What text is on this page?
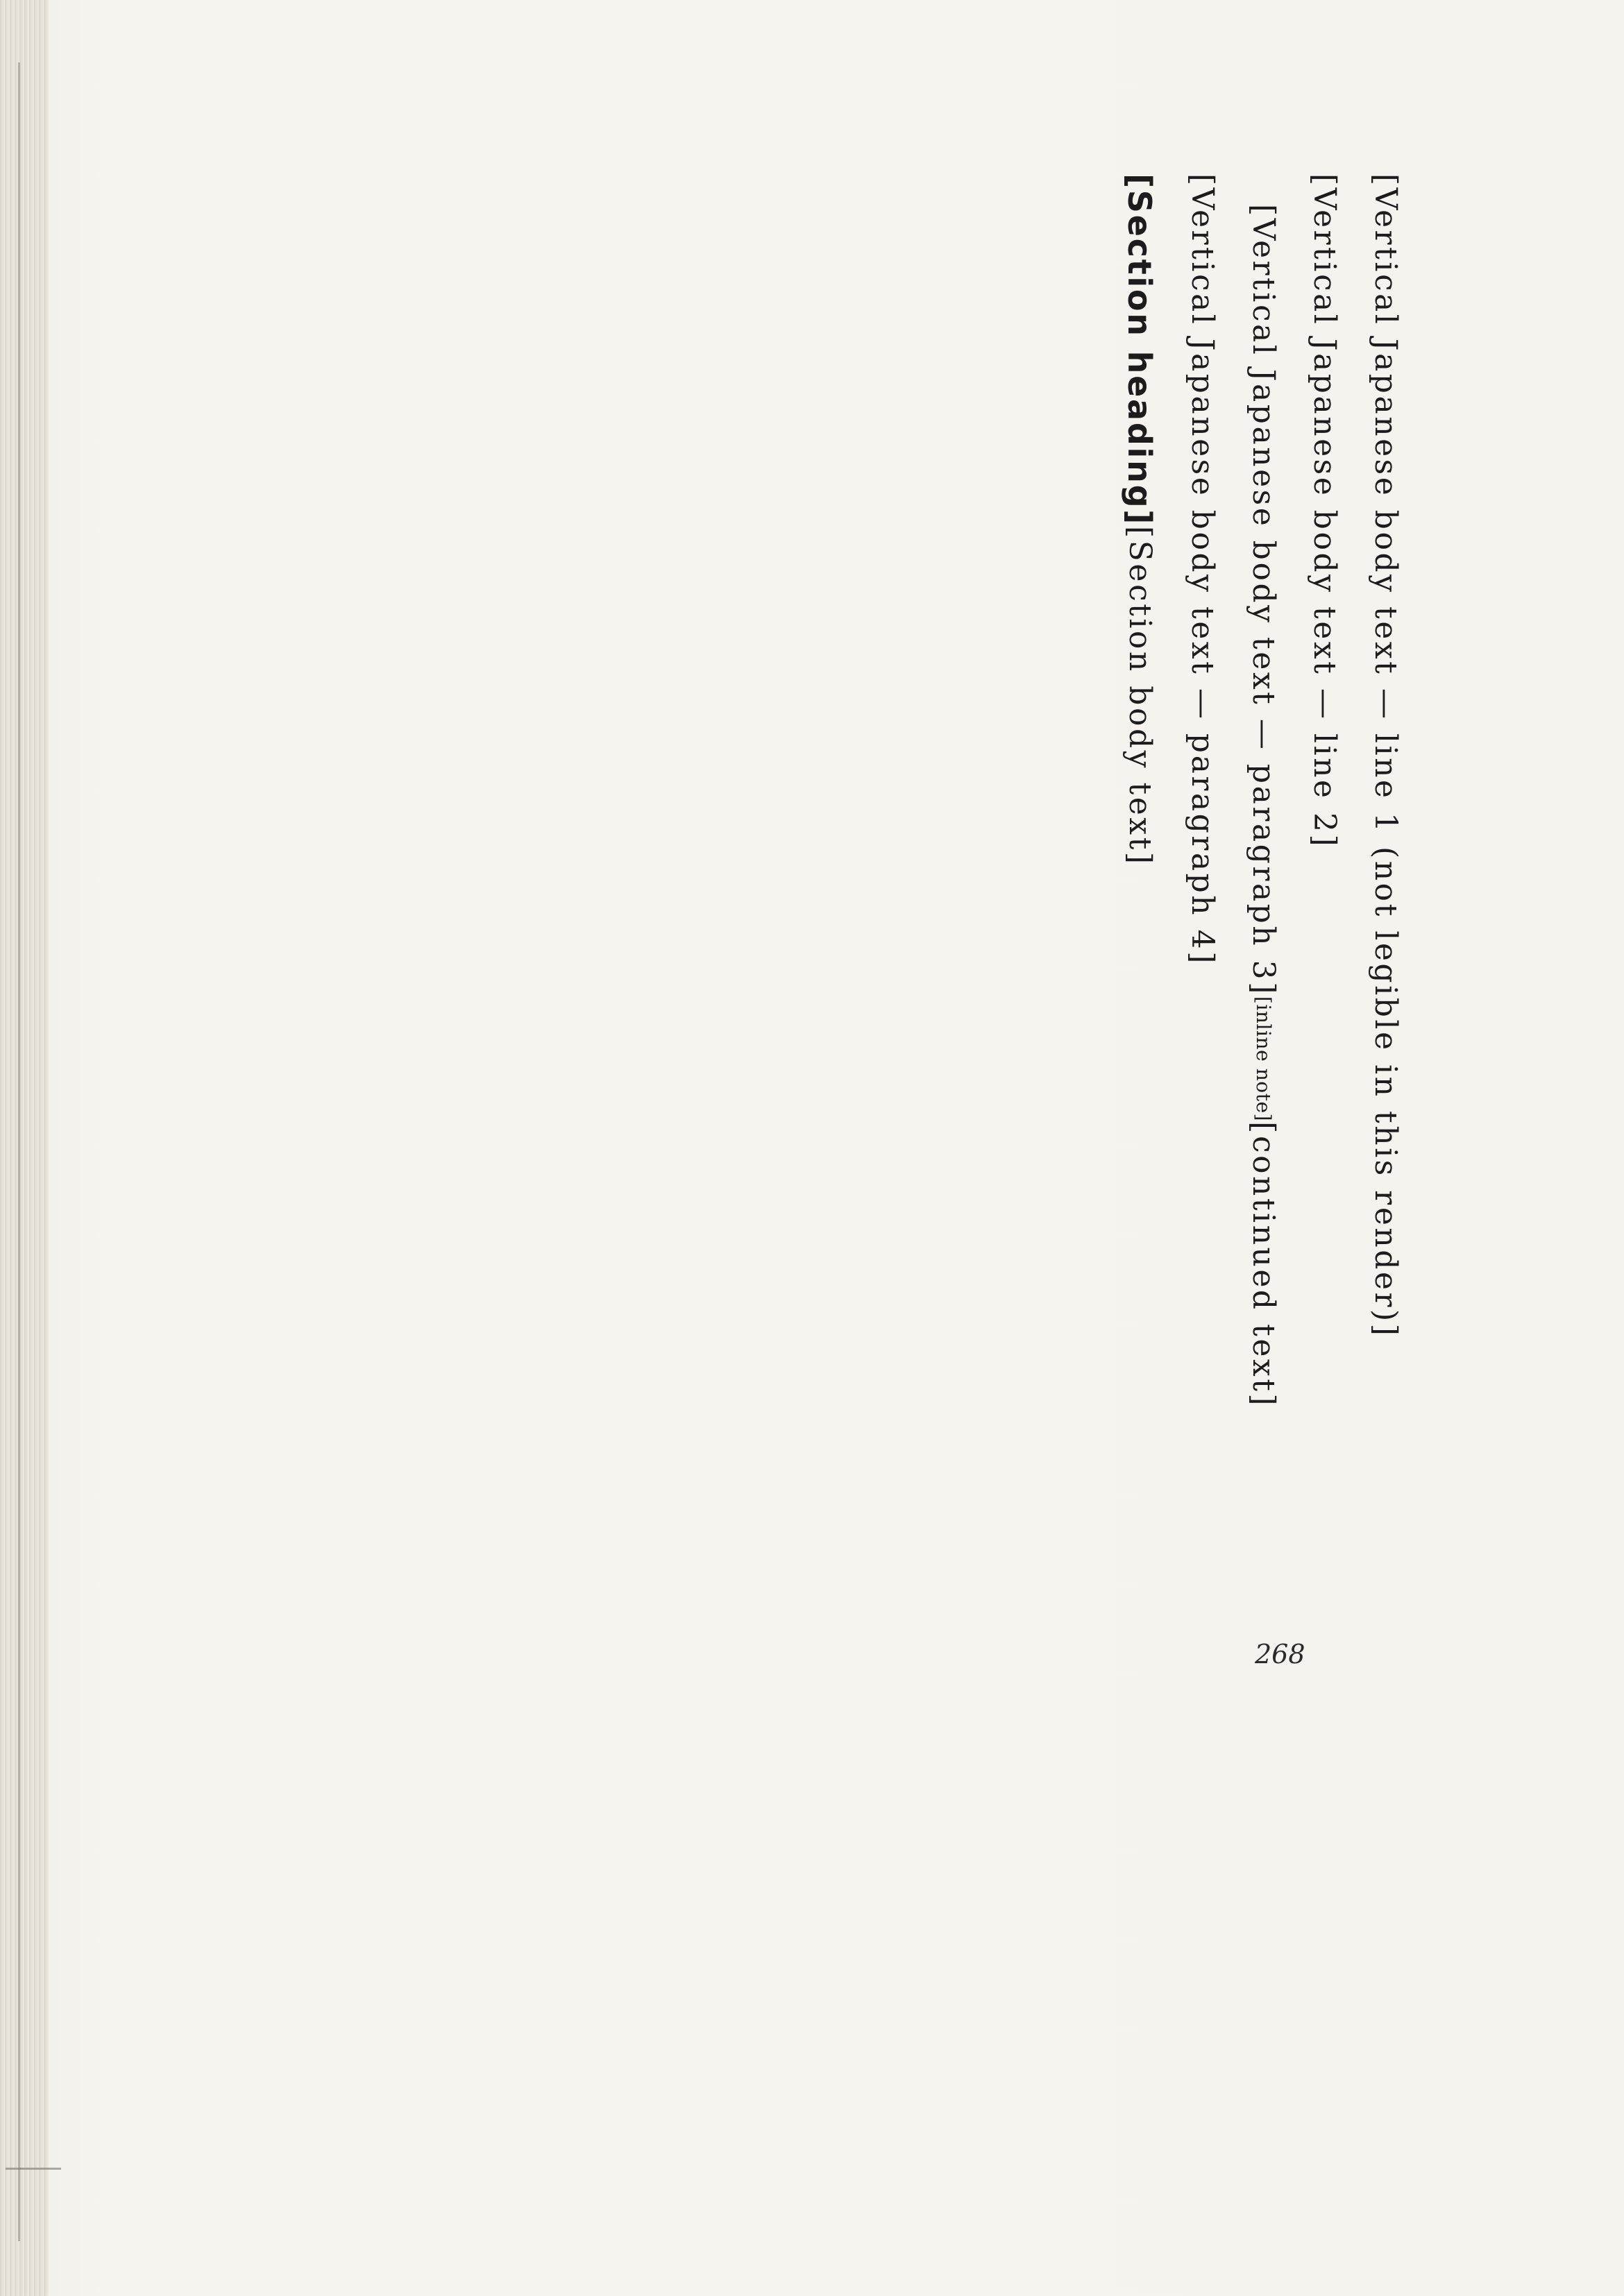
[Vertical Japanese body text — line 1 (not legible in this render)]

[Vertical Japanese body text — line 2]

[Vertical Japanese body text — paragraph 3][inline note][continued text]

[Vertical Japanese body text — paragraph 4]

[Section heading][Section body text]

268
